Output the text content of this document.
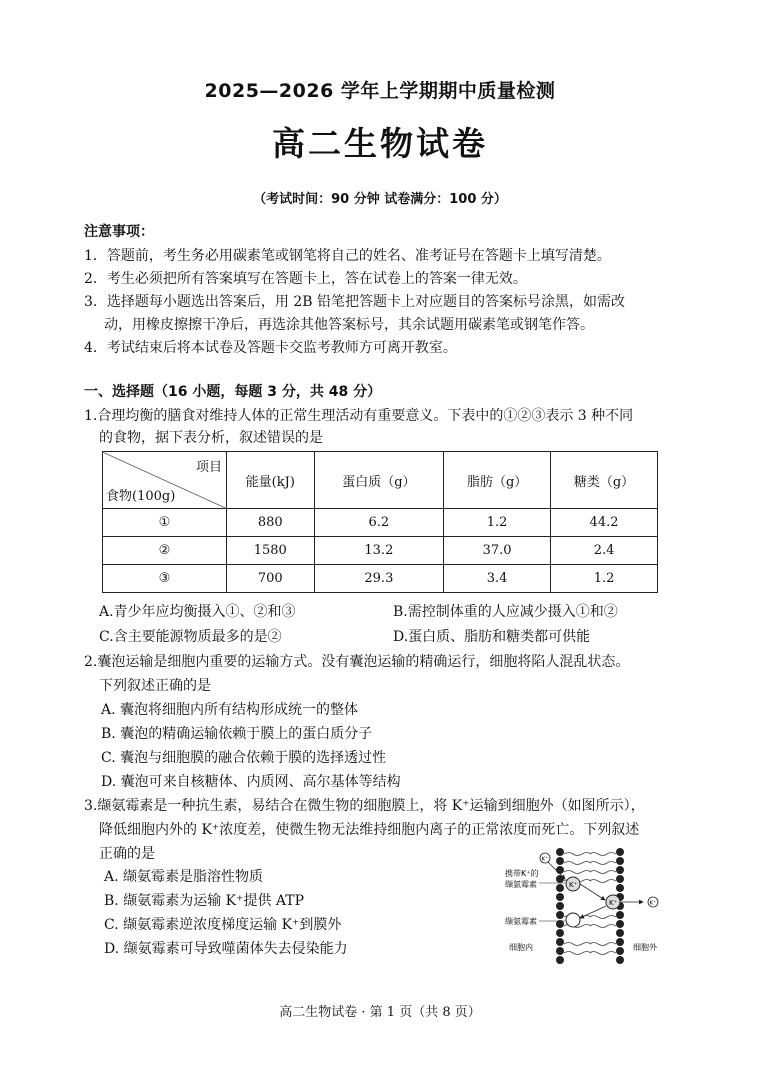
2025—2026 学年上学期期中质量检测
高二生物试卷
（考试时间：90 分钟 试卷满分：100 分）
注意事项：
1．答题前，考生务必用碳素笔或钢笔将自己的姓名、准考证号在答题卡上填写清楚。
2．考生必须把所有答案填写在答题卡上，答在试卷上的答案一律无效。
3．选择题每小题选出答案后，用 2B 铅笔把答题卡上对应题目的答案标号涂黑，如需改
动，用橡皮擦擦干净后，再选涂其他答案标号，其余试题用碳素笔或钢笔作答。
4．考试结束后将本试卷及答题卡交监考教师方可离开教室。
一、选择题（16 小题，每题 3 分，共 48 分）
1.合理均衡的膳食对维持人体的正常生理活动有重要意义。下表中的①②③表示 3 种不同
的食物，据下表分析，叙述错误的是
项目
食物(100g)	能量(kJ)	蛋白质（g）	脂肪（g）	糖类（g）
①	880	6.2	1.2	44.2
②	1580	13.2	37.0	2.4
③	700	29.3	3.4	1.2
A.青少年应均衡摄入①、②和③	B.需控制体重的人应减少摄入①和②
C.含主要能源物质最多的是②	D.蛋白质、脂肪和糖类都可供能
2.囊泡运输是细胞内重要的运输方式。没有囊泡运输的精确运行，细胞将陷人混乱状态。
下列叙述正确的是
A. 囊泡将细胞内所有结构形成统一的整体
B. 囊泡的精确运输依赖于膜上的蛋白质分子
C. 囊泡与细胞膜的融合依赖于膜的选择透过性
D. 囊泡可来自核糖体、内质网、高尔基体等结构
3.缬氨霉素是一种抗生素，易结合在微生物的细胞膜上，将 K⁺运输到细胞外（如图所示），
降低细胞内外的 K⁺浓度差，使微生物无法维持细胞内离子的正常浓度而死亡。下列叙述
正确的是
A. 缬氨霉素是脂溶性物质
B. 缬氨霉素为运输 K⁺提供 ATP
C. 缬氨霉素逆浓度梯度运输 K⁺到膜外
D. 缬氨霉素可导致噬菌体失去侵染能力
K⁺
K⁺
K⁺
K⁺
携带K⁺的
缬氨霉素
缬氨霉素
细胞内	细胞外
高二生物试卷 · 第 1 页（共 8 页）
